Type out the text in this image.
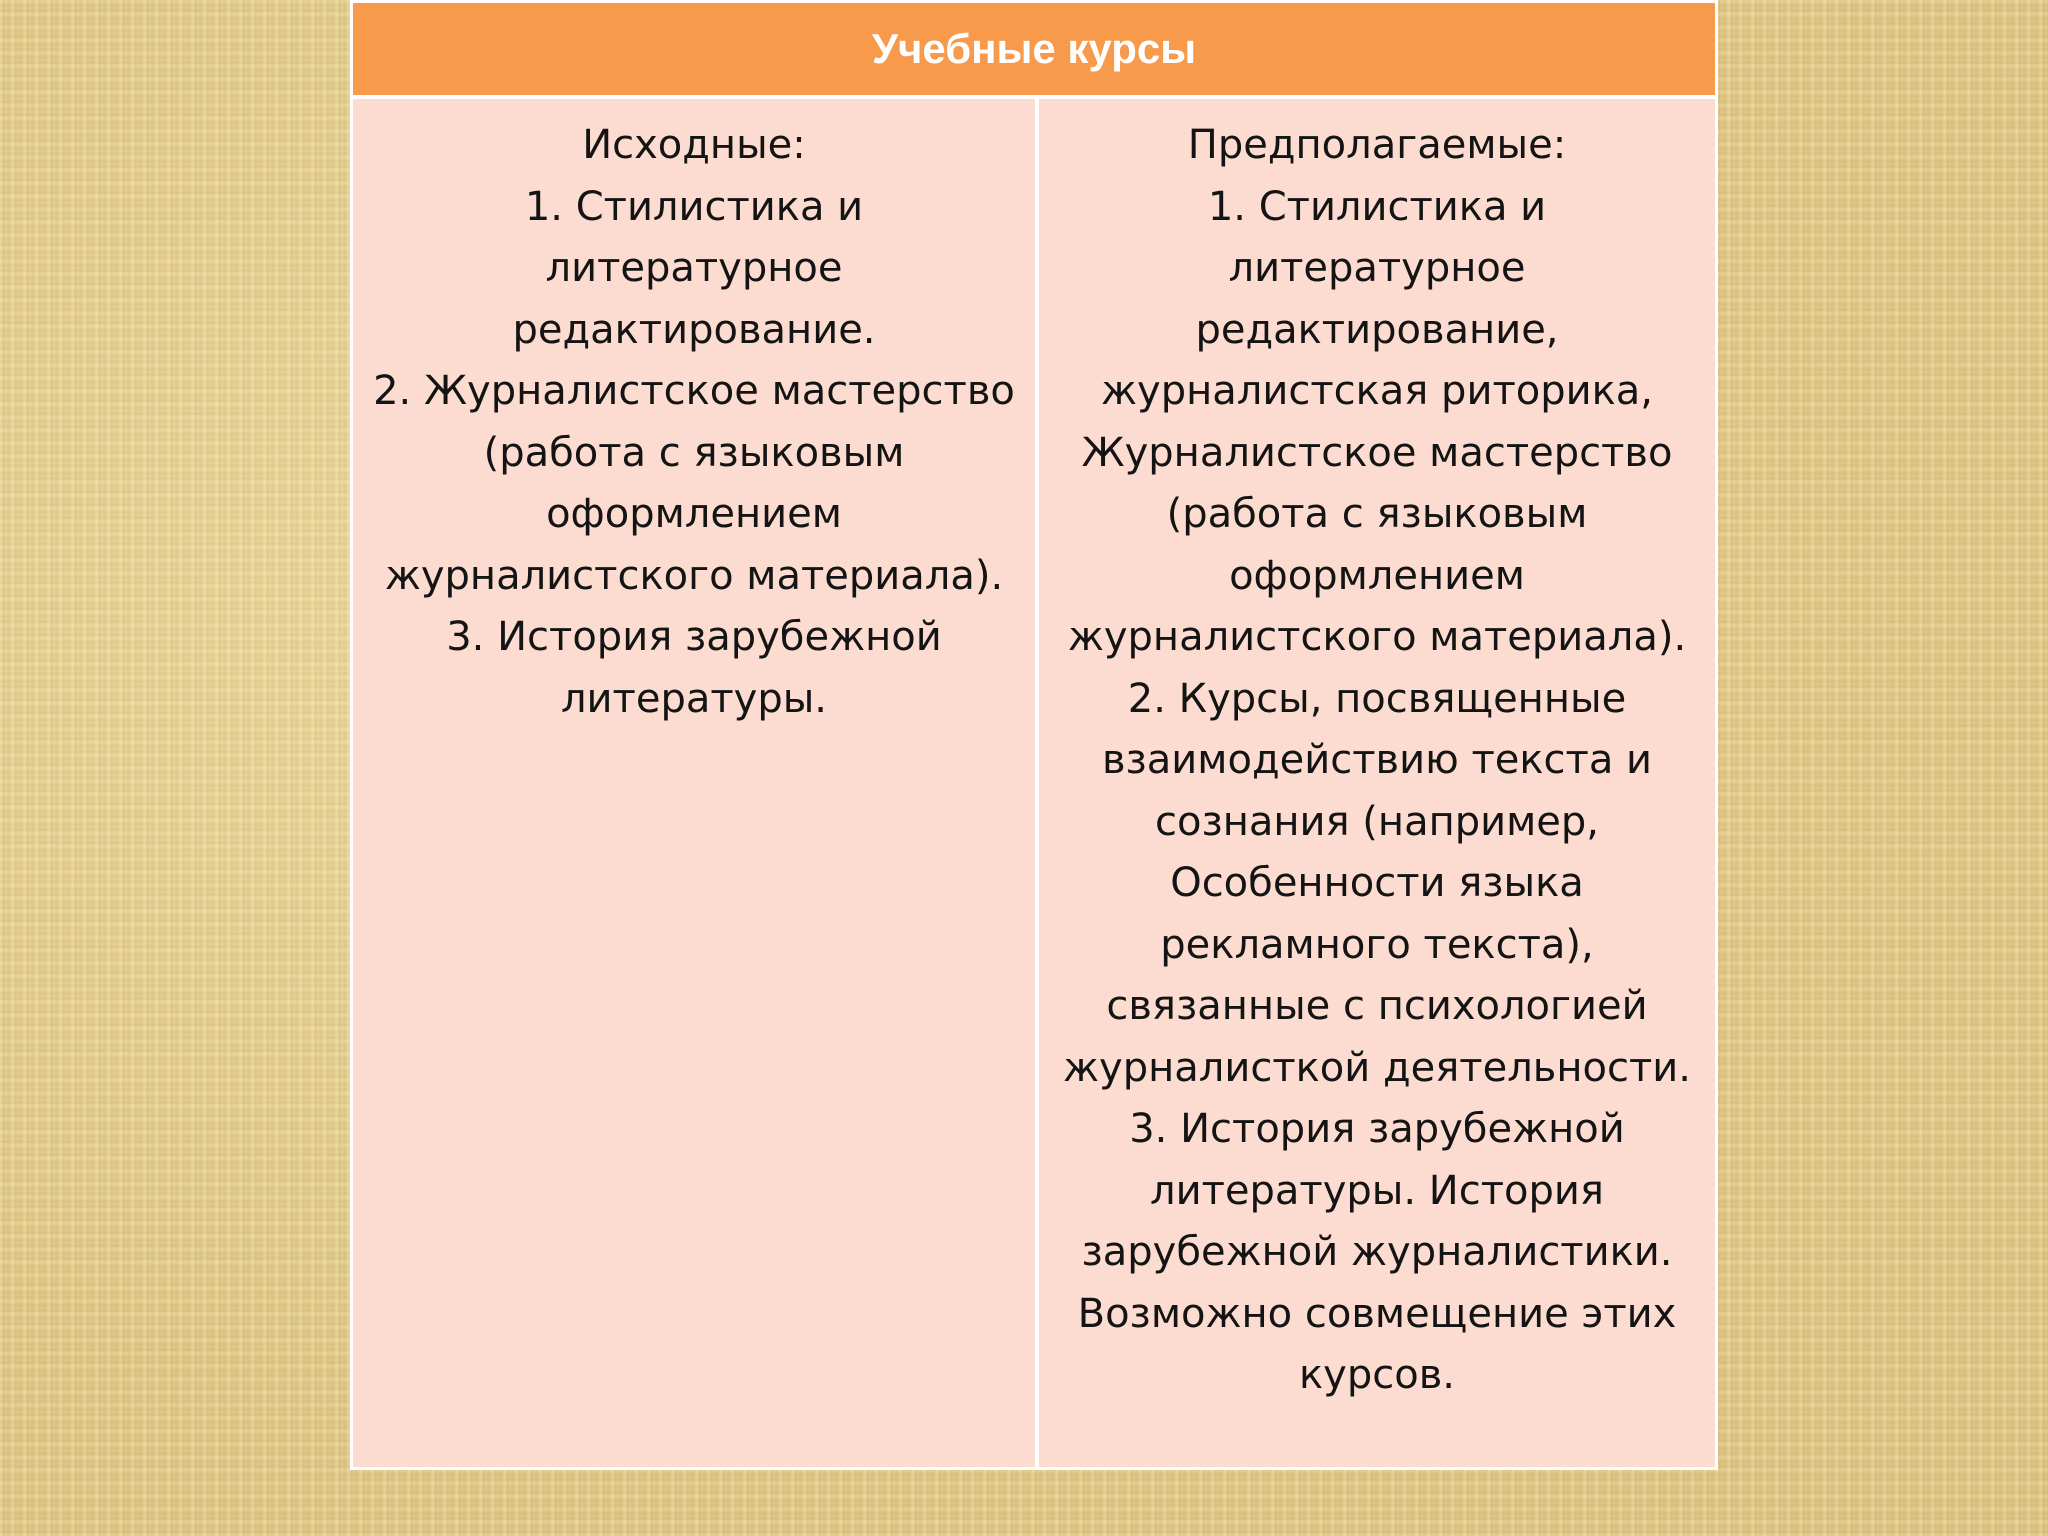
Учебные курсы
Исходные:
1. Стилистика и
литературное
редактирование.
2. Журналистское мастерство
(работа с языковым
оформлением
журналистского материала).
3. История зарубежной
литературы.
Предполагаемые:
1. Стилистика и
литературное
редактирование,
журналистская риторика,
Журналистское мастерство
(работа с языковым
оформлением
журналистского материала).
2. Курсы, посвященные
взаимодействию текста и
сознания (например,
Особенности языка
рекламного текста),
связанные с психологией
журналисткой деятельности.
3. История зарубежной
литературы. История
зарубежной журналистики.
Возможно совмещение этих
курсов.
